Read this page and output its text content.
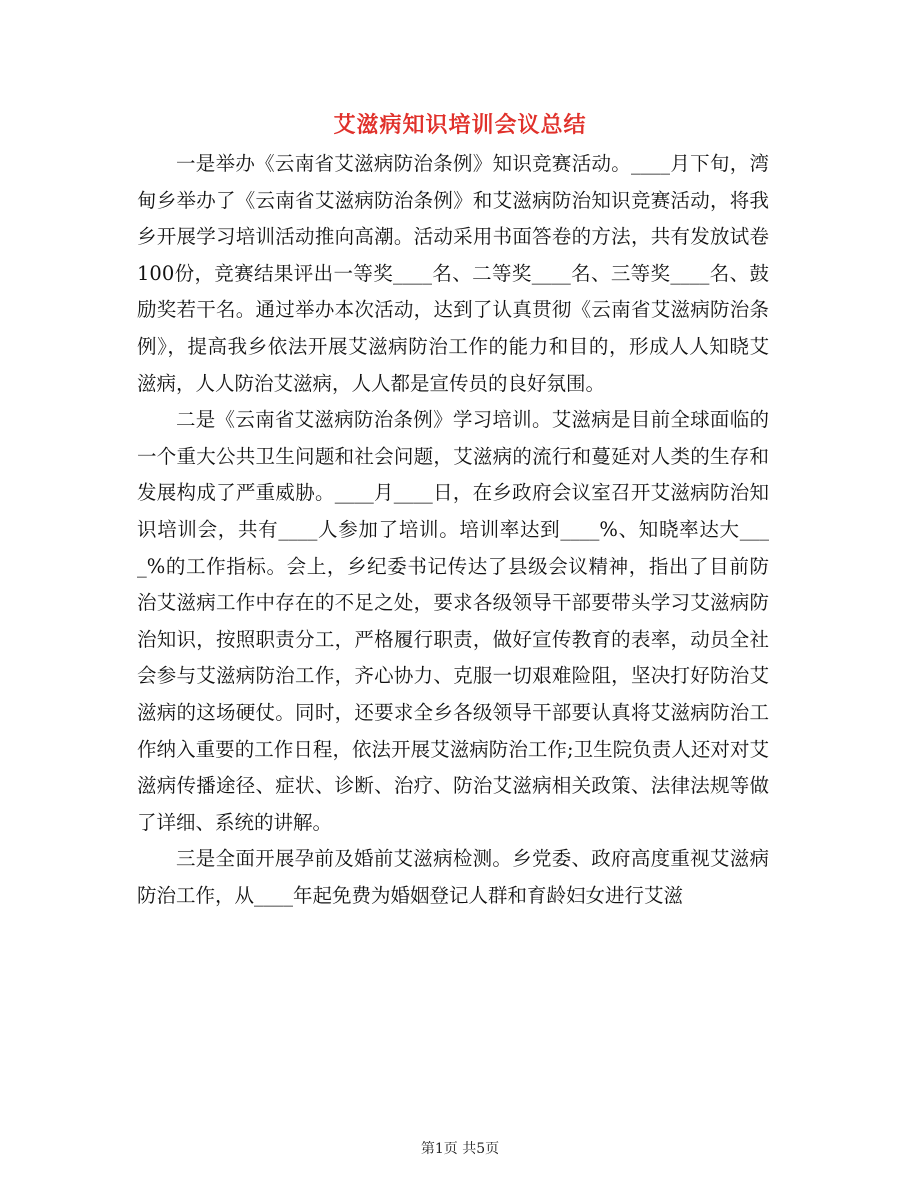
艾滋病知识培训会议总结

一是举办《云南省艾滋病防治条例》知识竞赛活动。____月下旬，湾甸乡举办了《云南省艾滋病防治条例》和艾滋病防治知识竞赛活动，将我乡开展学习培训活动推向高潮。活动采用书面答卷的方法，共有发放试卷100份，竞赛结果评出一等奖____名、二等奖____名、三等奖____名、鼓励奖若干名。通过举办本次活动，达到了认真贯彻《云南省艾滋病防治条例》，提高我乡依法开展艾滋病防治工作的能力和目的，形成人人知晓艾滋病，人人防治艾滋病，人人都是宣传员的良好氛围。

二是《云南省艾滋病防治条例》学习培训。艾滋病是目前全球面临的一个重大公共卫生问题和社会问题，艾滋病的流行和蔓延对人类的生存和发展构成了严重威胁。____月____日，在乡政府会议室召开艾滋病防治知识培训会，共有____人参加了培训。培训率达到____%、知晓率达大____%的工作指标。会上，乡纪委书记传达了县级会议精神，指出了目前防治艾滋病工作中存在的不足之处，要求各级领导干部要带头学习艾滋病防治知识，按照职责分工，严格履行职责，做好宣传教育的表率，动员全社会参与艾滋病防治工作，齐心协力、克服一切艰难险阻，坚决打好防治艾滋病的这场硬仗。同时，还要求全乡各级领导干部要认真将艾滋病防治工作纳入重要的工作日程，依法开展艾滋病防治工作;卫生院负责人还对对艾滋病传播途径、症状、诊断、治疗、防治艾滋病相关政策、法律法规等做了详细、系统的讲解。

三是全面开展孕前及婚前艾滋病检测。乡党委、政府高度重视艾滋病防治工作，从____年起免费为婚姻登记人群和育龄妇女进行艾滋

第1页 共5页
